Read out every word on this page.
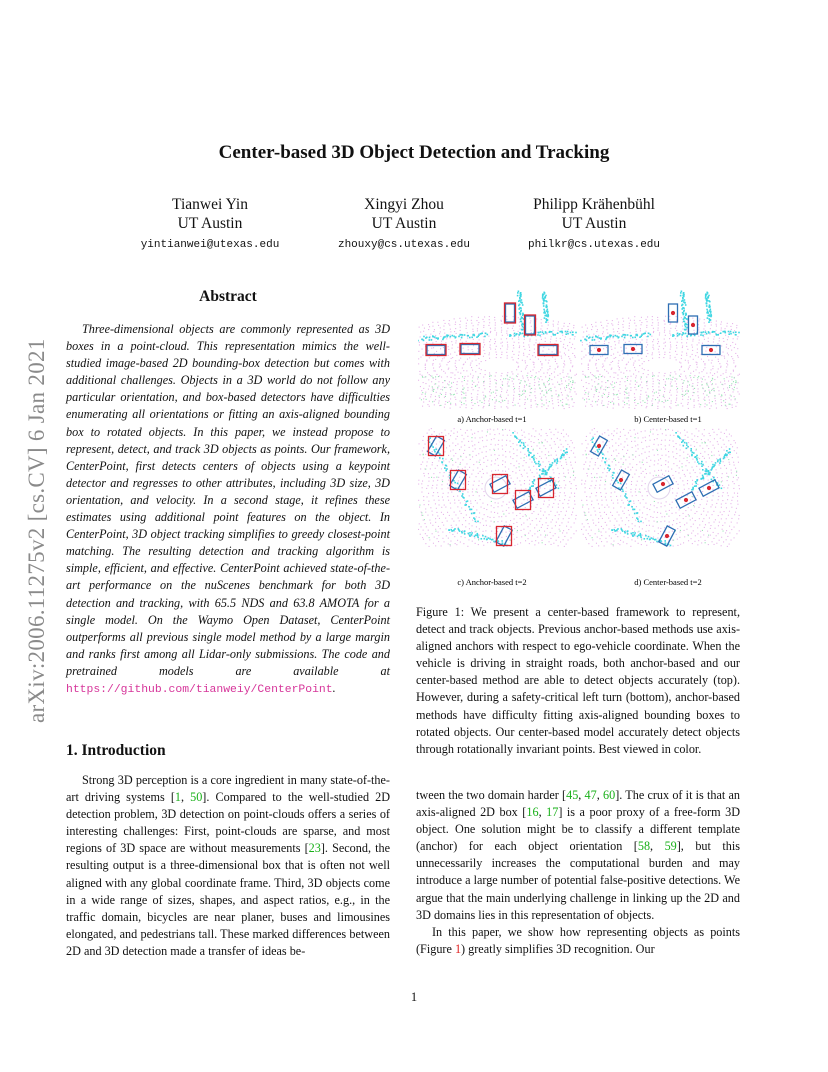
arXiv:2006.11275v2 [cs.CV] 6 Jan 2021
Center-based 3D Object Detection and Tracking
Tianwei Yin
UT Austin
yintianwei@utexas.edu
Xingyi Zhou
UT Austin
zhouxy@cs.utexas.edu
Philipp Krähenbühl
UT Austin
philkr@cs.utexas.edu
Abstract
Three-dimensional objects are commonly represented as 3D boxes in a point-cloud. This representation mimics the well-studied image-based 2D bounding-box detection but comes with additional challenges. Objects in a 3D world do not follow any particular orientation, and box-based detectors have difficulties enumerating all orientations or fitting an axis-aligned bounding box to rotated objects. In this paper, we instead propose to represent, detect, and track 3D objects as points. Our framework, CenterPoint, first detects centers of objects using a keypoint detector and regresses to other attributes, including 3D size, 3D orientation, and velocity. In a second stage, it refines these estimates using additional point features on the object. In CenterPoint, 3D object tracking simplifies to greedy closest-point matching. The resulting detection and tracking algorithm is simple, efficient, and effective. CenterPoint achieved state-of-the-art performance on the nuScenes benchmark for both 3D detection and tracking, with 65.5 NDS and 63.8 AMOTA for a single model. On the Waymo Open Dataset, CenterPoint outperforms all previous single model method by a large margin and ranks first among all Lidar-only submissions. The code and pretrained models are available at https://github.com/tianweiy/CenterPoint.
a) Anchor-based t=1	b) Center-based t=1
c) Anchor-based t=2	d) Center-based t=2
Figure 1: We present a center-based framework to represent, detect and track objects. Previous anchor-based methods use axis-aligned anchors with respect to ego-vehicle coordinate. When the vehicle is driving in straight roads, both anchor-based and our center-based method are able to detect objects accurately (top). However, during a safety-critical left turn (bottom), anchor-based methods have difficulty fitting axis-aligned bounding boxes to rotated objects. Our center-based model accurately detect objects through rotationally invariant points. Best viewed in color.
1. Introduction

Strong 3D perception is a core ingredient in many state-of-the-art driving systems [1, 50]. Compared to the well-studied 2D detection problem, 3D detection on point-clouds offers a series of interesting challenges: First, point-clouds are sparse, and most regions of 3D space are without measurements [23]. Second, the resulting output is a three-dimensional box that is often not well aligned with any global coordinate frame. Third, 3D objects come in a wide range of sizes, shapes, and aspect ratios, e.g., in the traffic domain, bicycles are near planer, buses and limousines elongated, and pedestrians tall. These marked differences between 2D and 3D detection made a transfer of ideas be-

tween the two domain harder [45, 47, 60]. The crux of it is that an axis-aligned 2D box [16, 17] is a poor proxy of a free-form 3D object. One solution might be to classify a different template (anchor) for each object orientation [58, 59], but this unnecessarily increases the computational burden and may introduce a large number of potential false-positive detections. We argue that the main underlying challenge in linking up the 2D and 3D domains lies in this representation of objects.

In this paper, we show how representing objects as points (Figure 1) greatly simplifies 3D recognition. Our

1
